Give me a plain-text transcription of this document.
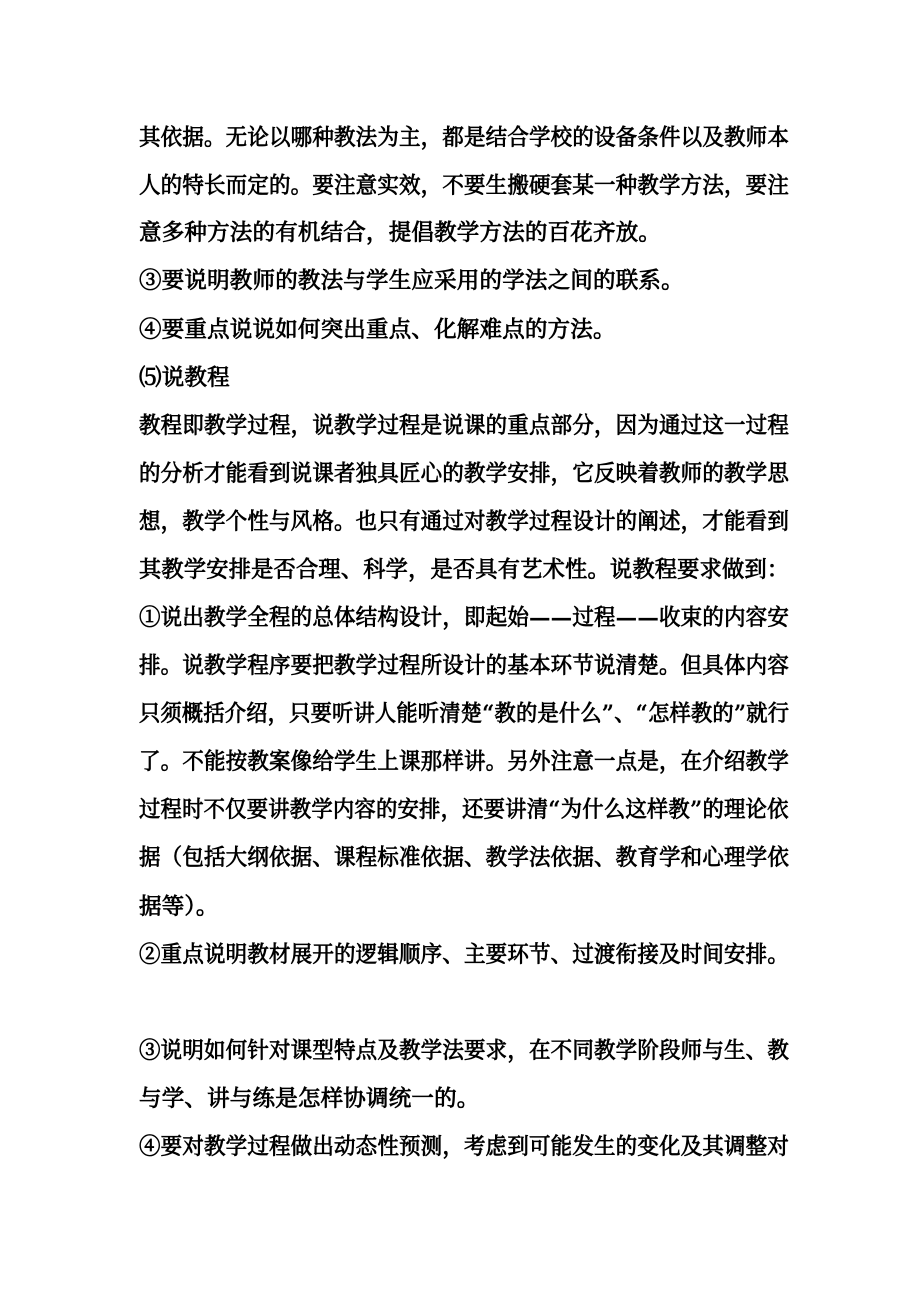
其依据。无论以哪种教法为主，都是结合学校的设备条件以及教师本
人的特长而定的。要注意实效，不要生搬硬套某一种教学方法，要注
意多种方法的有机结合，提倡教学方法的百花齐放。
③要说明教师的教法与学生应采用的学法之间的联系。
④要重点说说如何突出重点、化解难点的方法。
⑸说教程
教程即教学过程，说教学过程是说课的重点部分，因为通过这一过程
的分析才能看到说课者独具匠心的教学安排，它反映着教师的教学思
想，教学个性与风格。也只有通过对教学过程设计的阐述，才能看到
其教学安排是否合理、科学，是否具有艺术性。说教程要求做到：
①说出教学全程的总体结构设计，即起始——过程——收束的内容安
排。说教学程序要把教学过程所设计的基本环节说清楚。但具体内容
只须概括介绍，只要听讲人能听清楚“教的是什么”、“怎样教的”就行
了。不能按教案像给学生上课那样讲。另外注意一点是，在介绍教学
过程时不仅要讲教学内容的安排，还要讲清“为什么这样教”的理论依
据（包括大纲依据、课程标准依据、教学法依据、教育学和心理学依
据等）。
②重点说明教材展开的逻辑顺序、主要环节、过渡衔接及时间安排。
③说明如何针对课型特点及教学法要求，在不同教学阶段师与生、教
与学、讲与练是怎样协调统一的。
④要对教学过程做出动态性预测，考虑到可能发生的变化及其调整对
